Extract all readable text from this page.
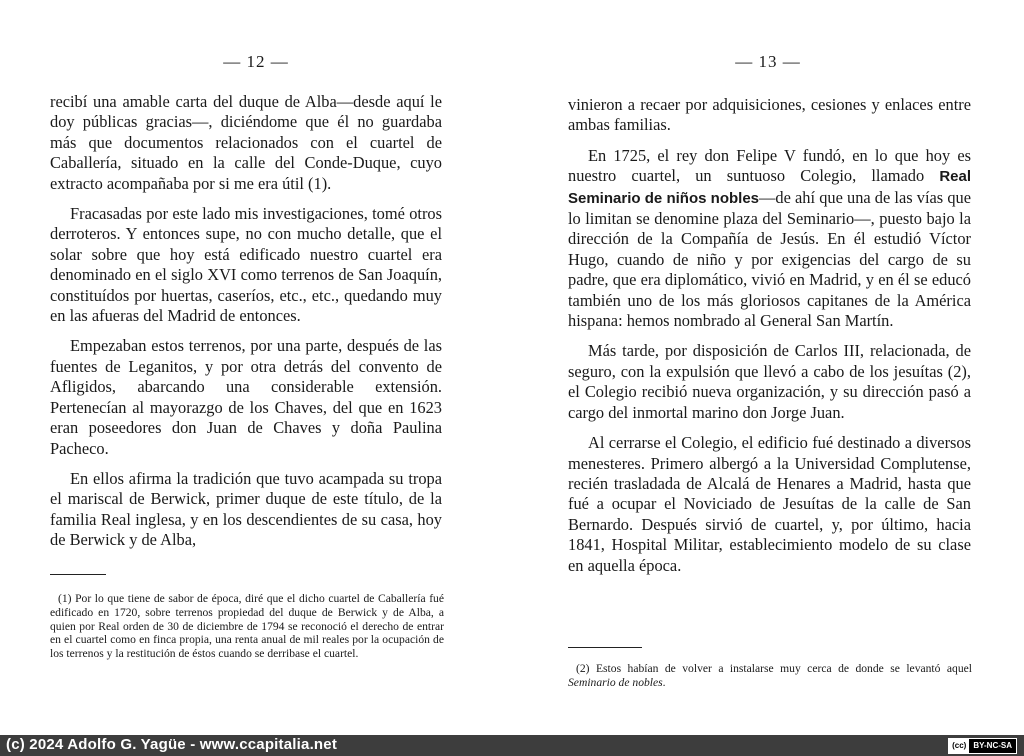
— 12 —

recibí una amable carta del duque de Alba—desde aquí le doy públicas gracias—, diciéndome que él no guardaba más que documentos relacionados con el cuartel de Caballería, situado en la calle del Conde-Duque, cuyo extracto acompañaba por si me era útil (1).

Fracasadas por este lado mis investigaciones, tomé otros derroteros. Y entonces supe, no con mucho detalle, que el solar sobre que hoy está edificado nuestro cuartel era denominado en el siglo XVI como terrenos de San Joaquín, constituídos por huertas, caseríos, etc., etc., quedando muy en las afueras del Madrid de entonces.

Empezaban estos terrenos, por una parte, después de las fuentes de Leganitos, y por otra detrás del convento de Afligidos, abarcando una considerable extensión. Pertenecían al mayorazgo de los Chaves, del que en 1623 eran poseedores don Juan de Chaves y doña Paulina Pacheco.

En ellos afirma la tradición que tuvo acampada su tropa el mariscal de Berwick, primer duque de este título, de la familia Real inglesa, y en los descendientes de su casa, hoy de Berwick y de Alba,

(1) Por lo que tiene de sabor de época, diré que el dicho cuartel de Caballería fué edificado en 1720, sobre terrenos propiedad del duque de Berwick y de Alba, a quien por Real orden de 30 de diciembre de 1794 se reconoció el derecho de entrar en el cuartel como en finca propia, una renta anual de mil reales por la ocupación de los terrenos y la restitución de éstos cuando se derribase el cuartel.

— 13 —

vinieron a recaer por adquisiciones, cesiones y enlaces entre ambas familias.

En 1725, el rey don Felipe V fundó, en lo que hoy es nuestro cuartel, un suntuoso Colegio, llamado Real Seminario de niños nobles—de ahí que una de las vías que lo limitan se denomine plaza del Seminario—, puesto bajo la dirección de la Compañía de Jesús. En él estudió Víctor Hugo, cuando de niño y por exigencias del cargo de su padre, que era diplomático, vivió en Madrid, y en él se educó también uno de los más gloriosos capitanes de la América hispana: hemos nombrado al General San Martín.

Más tarde, por disposición de Carlos III, relacionada, de seguro, con la expulsión que llevó a cabo de los jesuítas (2), el Colegio recibió nueva organización, y su dirección pasó a cargo del inmortal marino don Jorge Juan.

Al cerrarse el Colegio, el edificio fué destinado a diversos menesteres. Primero albergó a la Universidad Complutense, recién trasladada de Alcalá de Henares a Madrid, hasta que fué a ocupar el Noviciado de Jesuítas de la calle de San Bernardo. Después sirvió de cuartel, y, por último, hacia 1841, Hospital Militar, establecimiento modelo de su clase en aquella época.

(2) Estos habían de volver a instalarse muy cerca de donde se levantó aquel Seminario de nobles.

(c) 2024 Adolfo G. Yagüe - www.ccapitalia.net	(cc) BY-NC-SA
